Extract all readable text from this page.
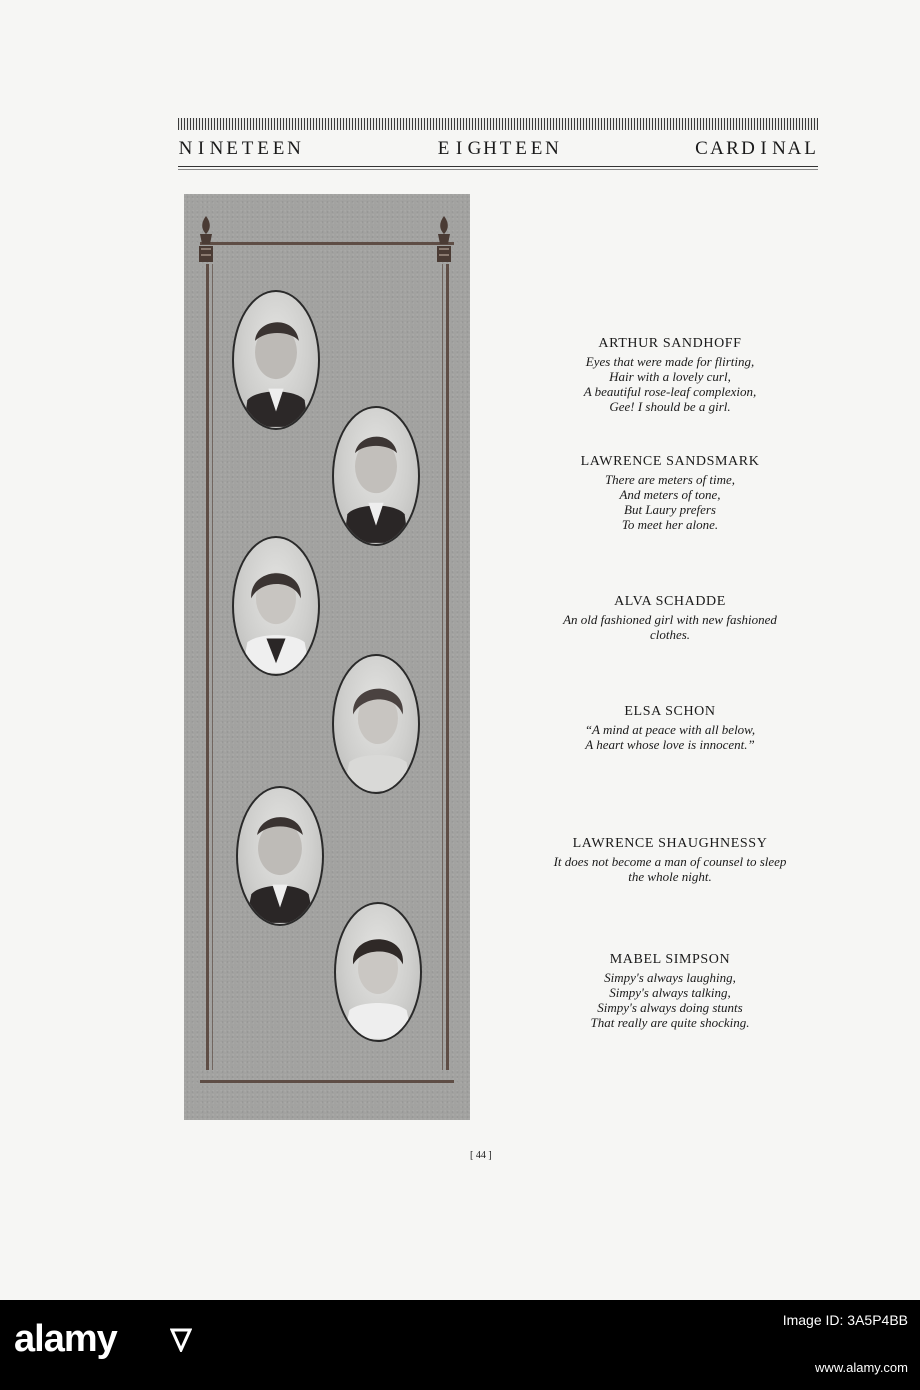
N I N E T E E N	E I G H T E E N	C A R D I N A L
ARTHUR SANDHOFF
Eyes that were made for flirting,
Hair with a lovely curl,
A beautiful rose-leaf complexion,
Gee! I should be a girl.
LAWRENCE SANDSMARK
There are meters of time,
And meters of tone,
But Laury prefers
To meet her alone.
ALVA SCHADDE
An old fashioned girl with new fashioned
clothes.
ELSA SCHON
“A mind at peace with all below,
A heart whose love is innocent.”
LAWRENCE SHAUGHNESSY
It does not become a man of counsel to sleep
the whole night.
MABEL SIMPSON
Simpy's always laughing,
Simpy's always talking,
Simpy's always doing stunts
That really are quite shocking.
[ 44 ]
alamy	Image ID: 3A5P4BB
www.alamy.com
